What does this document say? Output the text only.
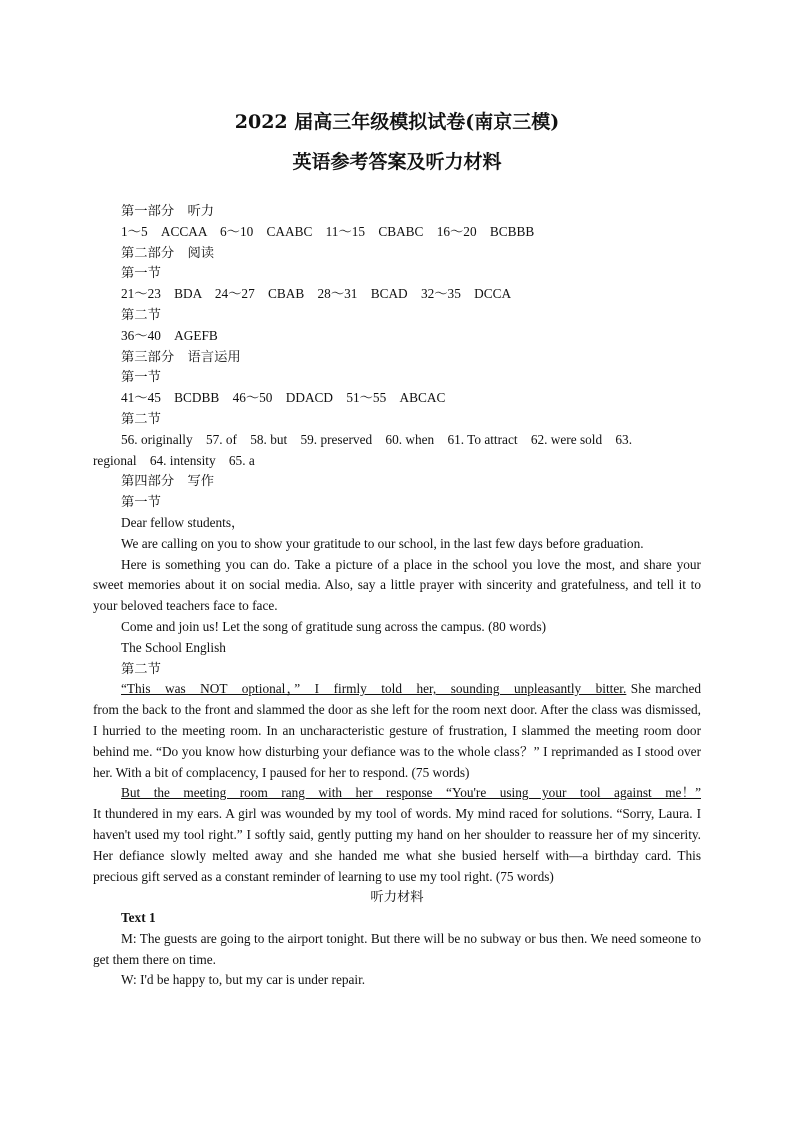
2022 届高三年级模拟试卷(南京三模)
英语参考答案及听力材料

第一部分　听力

1～5　ACCAA　6～10　CAABC　11～15　CBABC　16～20　BCBBB

第二部分　阅读

第一节

21～23　BDA　24～27　CBAB　28～31　BCAD　32～35　DCCA

第二节

36～40　AGEFB

第三部分　语言运用

第一节

41～45　BCDBB　46～50　DDACD　51～55　ABCAC

第二节

56. originally　57. of　58. but　59. preserved　60. when　61. To attract　62. were sold　63.

regional　64. intensity　65. a

第四部分　写作

第一节

Dear fellow students，

We are calling on you to show your gratitude to our school, in the last few days before graduation.

Here is something you can do. Take a picture of a place in the school you love the most, and share your sweet memories about it on social media. Also, say a little prayer with sincerity and gratefulness, and tell it to your beloved teachers face to face.

Come and join us! Let the song of gratitude sung across the campus. (80 words)

The School English

第二节

“This was NOT optional，” I firmly told her, sounding unpleasantly bitter. She marched from the back to the front and slammed the door as she left for the room next door. After the class was dismissed, I hurried to the meeting room. In an uncharacteristic gesture of frustration, I slammed the meeting room door behind me. “Do you know how disturbing your defiance was to the whole class？” I reprimanded as I stood over her. With a bit of complacency, I paused for her to respond. (75 words)

But the meeting room rang with her response “You're using your tool against me！” It thundered in my ears. A girl was wounded by my tool of words. My mind raced for solutions. “Sorry, Laura. I haven't used my tool right.” I softly said, gently putting my hand on her shoulder to reassure her of my sincerity. Her defiance slowly melted away and she handed me what she busied herself with—a birthday card. This precious gift served as a constant reminder of learning to use my tool right. (75 words)

听力材料

Text 1

M: The guests are going to the airport tonight. But there will be no subway or bus then. We need someone to get them there on time.

W: I'd be happy to, but my car is under repair.
